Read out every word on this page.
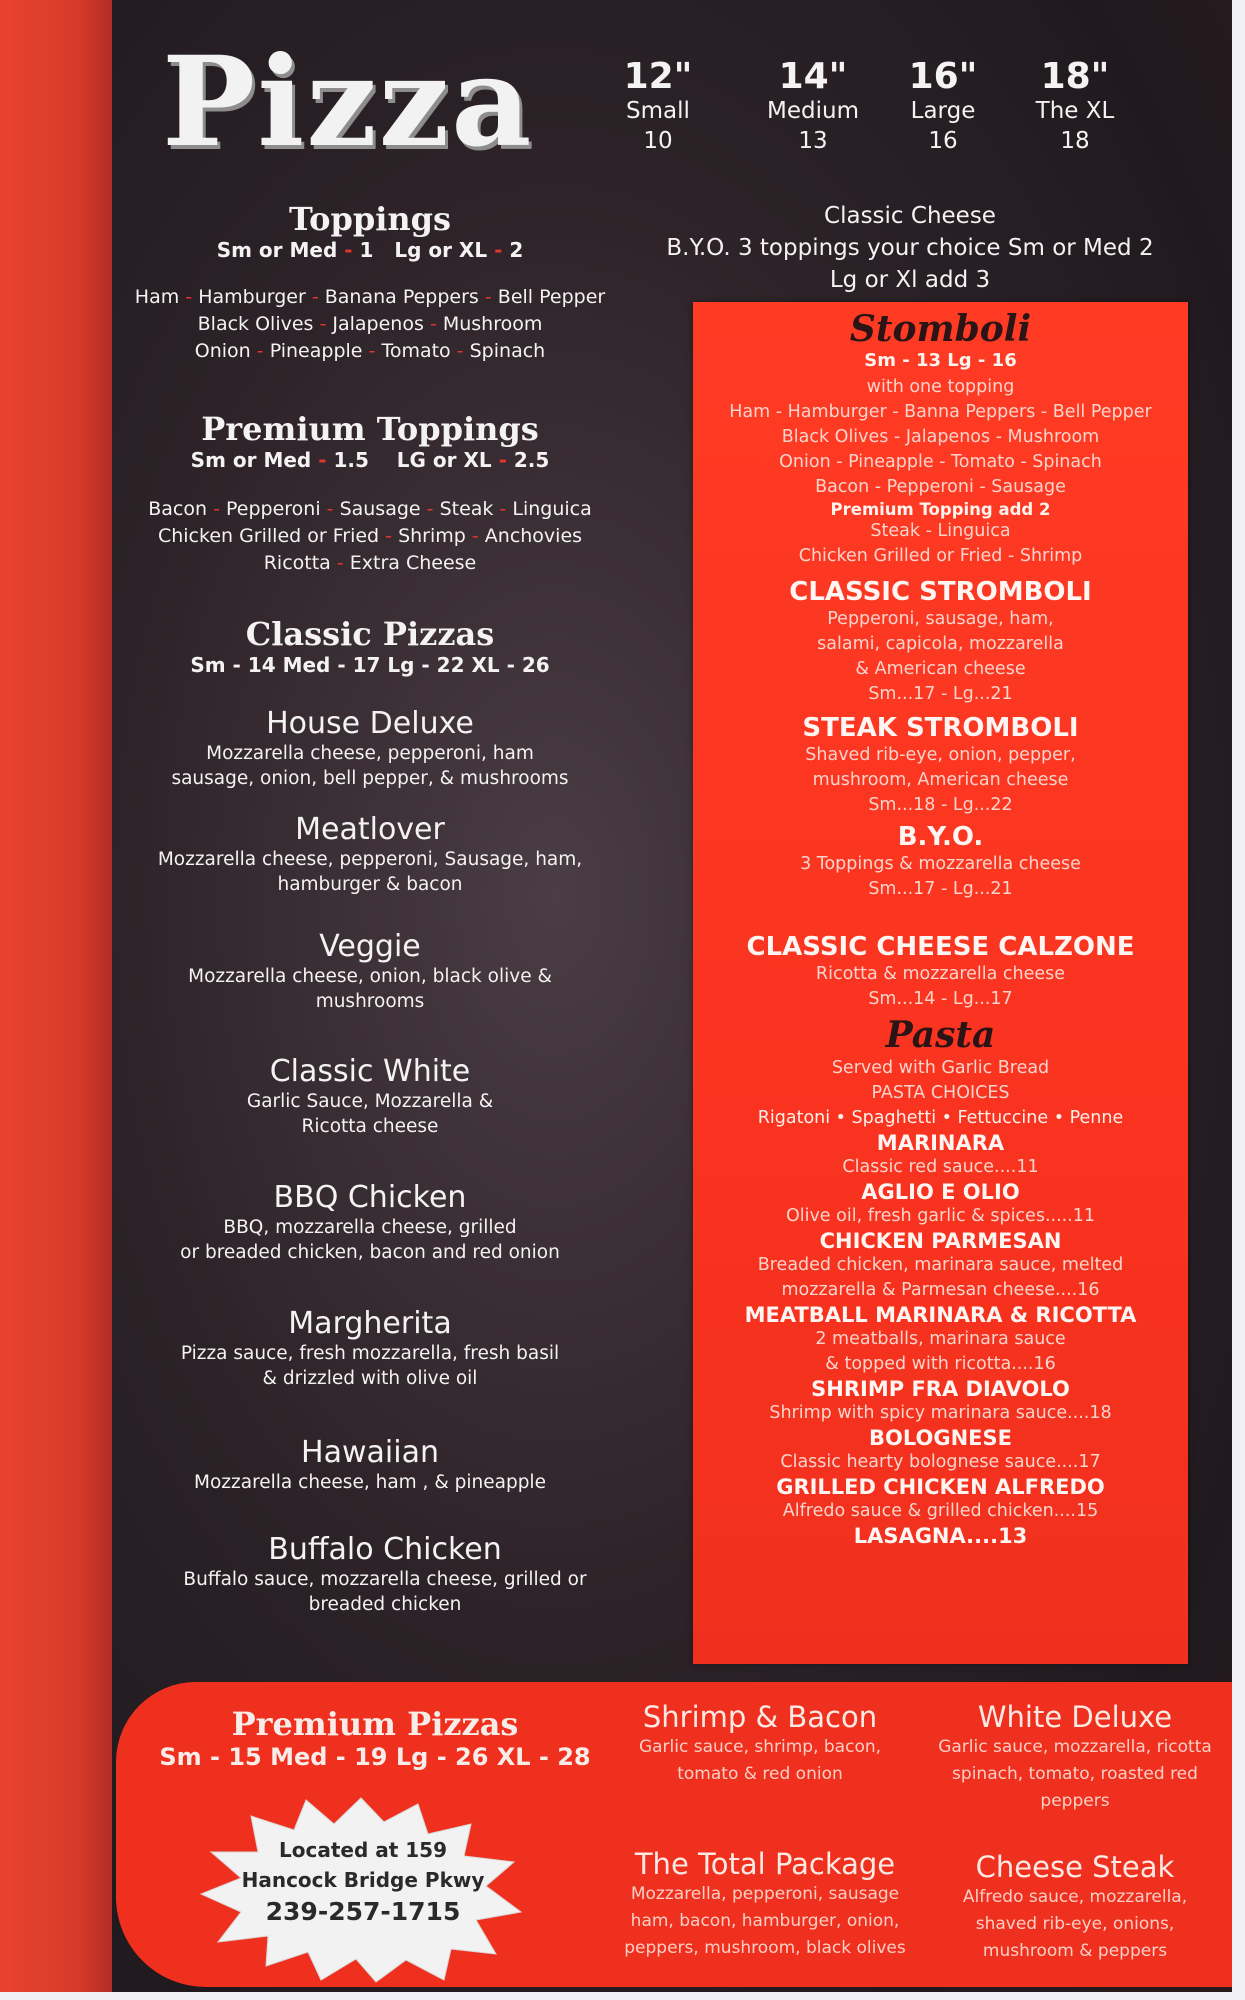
Pizza	12"
Small
10
14"
Medium
13
16"
Large
16
18"
The XL
18
Classic Cheese
B.Y.O. 3 toppings your choice Sm or Med 2
Lg or Xl add 3
Toppings
Sm or Med - 1 Lg or XL - 2
Ham - Hamburger - Banana Peppers - Bell Pepper
Black Olives - Jalapenos - Mushroom
Onion - Pineapple - Tomato - Spinach
Premium Toppings
Sm or Med - 1.5 LG or XL - 2.5
Bacon - Pepperoni - Sausage - Steak - Linguica
Chicken Grilled or Fried - Shrimp - Anchovies
Ricotta - Extra Cheese
Classic Pizzas
Sm - 14 Med - 17 Lg - 22 XL - 26
House Deluxe
Mozzarella cheese, pepperoni, ham
sausage, onion, bell pepper, & mushrooms
Meatlover
Mozzarella cheese, pepperoni, Sausage, ham,
hamburger & bacon
Veggie
Mozzarella cheese, onion, black olive &
mushrooms
Classic White
Garlic Sauce, Mozzarella &
Ricotta cheese
BBQ Chicken
BBQ, mozzarella cheese, grilled
or breaded chicken, bacon and red onion
Margherita
Pizza sauce, fresh mozzarella, fresh basil
& drizzled with olive oil
Hawaiian
Mozzarella cheese, ham , & pineapple
Buffalo Chicken
Buffalo sauce, mozzarella cheese, grilled or
breaded chicken
Stomboli
Sm - 13 Lg - 16
with one topping
Ham - Hamburger - Banna Peppers - Bell Pepper
Black Olives - Jalapenos - Mushroom
Onion - Pineapple - Tomato - Spinach
Bacon - Pepperoni - Sausage
Premium Topping add 2
Steak - Linguica
Chicken Grilled or Fried - Shrimp
CLASSIC STROMBOLI
Pepperoni, sausage, ham,
salami, capicola, mozzarella
& American cheese
Sm...17 - Lg...21
STEAK STROMBOLI
Shaved rib-eye, onion, pepper,
mushroom, American cheese
Sm...18 - Lg...22
B.Y.O.
3 Toppings & mozzarella cheese
Sm...17 - Lg...21
CLASSIC CHEESE CALZONE
Ricotta & mozzarella cheese
Sm...14 - Lg...17
Pasta
Served with Garlic Bread
PASTA CHOICES
Rigatoni • Spaghetti • Fettuccine • Penne
MARINARA
Classic red sauce....11
AGLIO E OLIO
Olive oil, fresh garlic & spices.....11
CHICKEN PARMESAN
Breaded chicken, marinara sauce, melted
mozzarella & Parmesan cheese....16
MEATBALL MARINARA & RICOTTA
2 meatballs, marinara sauce
& topped with ricotta....16
SHRIMP FRA DIAVOLO
Shrimp with spicy marinara sauce....18
BOLOGNESE
Classic hearty bolognese sauce....17
GRILLED CHICKEN ALFREDO
Alfredo sauce & grilled chicken....15
LASAGNA....13
Premium Pizzas
Sm - 15 Med - 19 Lg - 26 XL - 28
Shrimp & Bacon
Garlic sauce, shrimp, bacon,
tomato & red onion
White Deluxe
Garlic sauce, mozzarella, ricotta
spinach, tomato, roasted red
peppers
The Total Package
Mozzarella, pepperoni, sausage
ham, bacon, hamburger, onion,
peppers, mushroom, black olives
Cheese Steak
Alfredo sauce, mozzarella,
shaved rib-eye, onions,
mushroom & peppers
Located at 159
Hancock Bridge Pkwy
239-257-1715
